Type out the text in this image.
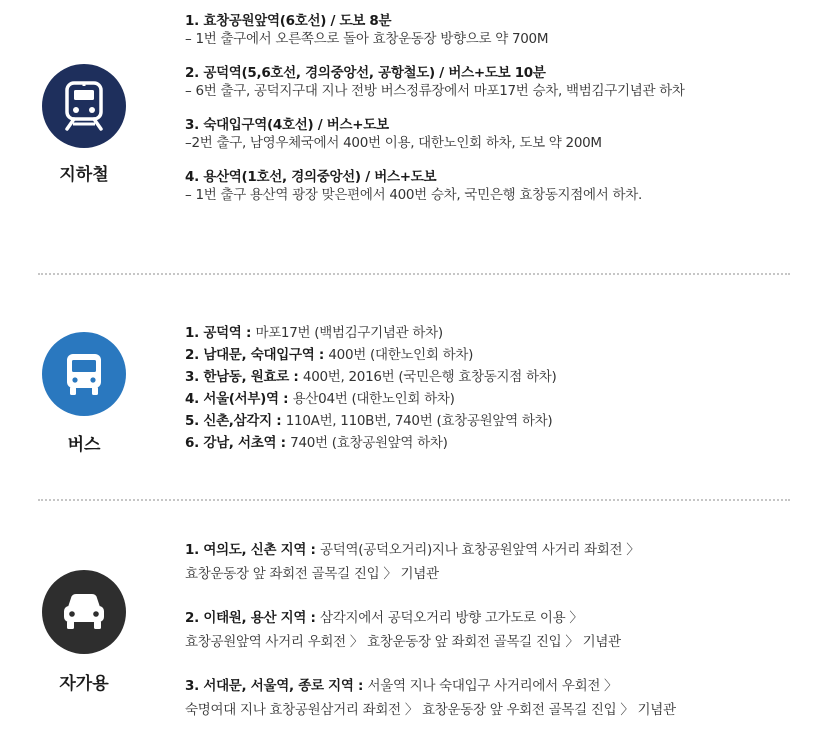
지하철
1. 효창공원앞역(6호선) / 도보 8분
– 1번 출구에서 오른쪽으로 돌아 효창운동장 방향으로 약 700M
2. 공덕역(5,6호선, 경의중앙선, 공항철도) / 버스+도보 10분
– 6번 출구, 공덕지구대 지나 전방 버스정류장에서 마포17번 승차, 백범김구기념관 하차
3. 숙대입구역(4호선) / 버스+도보
–2번 출구, 남영우체국에서 400번 이용, 대한노인회 하차, 도보 약 200M
4. 용산역(1호선, 경의중앙선) / 버스+도보
– 1번 출구 용산역 광장 맞은편에서 400번 승차, 국민은행 효창동지점에서 하차.
버스
1. 공덕역 : 마포17번 (백범김구기념관 하차)
2. 남대문, 숙대입구역 : 400번 (대한노인회 하차)
3. 한남동, 원효로 : 400번, 2016번 (국민은행 효창동지점 하차)
4. 서울(서부)역 : 용산04번 (대한노인회 하차)
5. 신촌,삼각지 : 110A번, 110B번, 740번 (효창공원앞역 하차)
6. 강남, 서초역 : 740번 (효창공원앞역 하차)
자가용
1. 여의도, 신촌 지역 : 공덕역(공덕오거리)지나 효창공원앞역 사거리 좌회전 〉
효창운동장 앞 좌회전 골목길 진입 〉 기념관
2. 이태원, 용산 지역 : 삼각지에서 공덕오거리 방향 고가도로 이용 〉
효창공원앞역 사거리 우회전 〉 효창운동장 앞 좌회전 골목길 진입 〉 기념관
3. 서대문, 서울역, 종로 지역 : 서울역 지나 숙대입구 사거리에서 우회전 〉
숙명여대 지나 효창공원삼거리 좌회전 〉 효창운동장 앞 우회전 골목길 진입 〉 기념관
